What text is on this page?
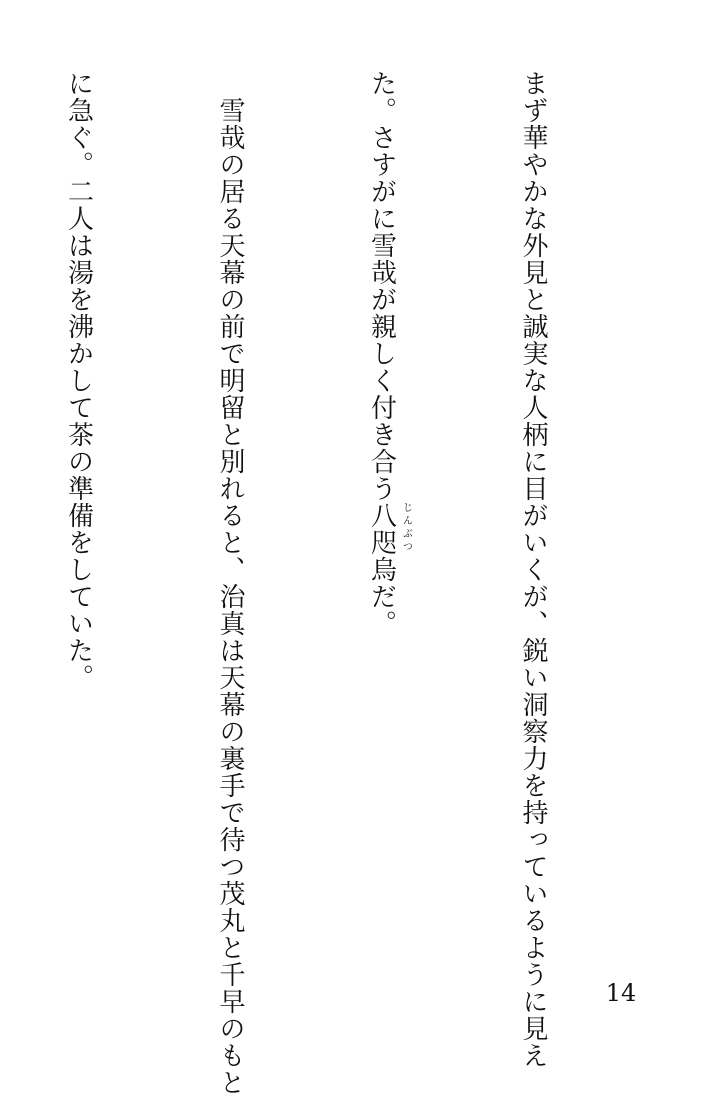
まず華やかな外見と誠実な人柄に目がいくが、鋭い洞察力を持っているように見え

た。さすがに雪哉が親しく付き合う八咫烏 じんぶつ
だ。

　雪哉の居る天幕の前で明留と別れると、治真は天幕の裏手で待つ茂丸と千早のもと

に急ぐ。二人は湯を沸かして茶の準備をしていた。

14
